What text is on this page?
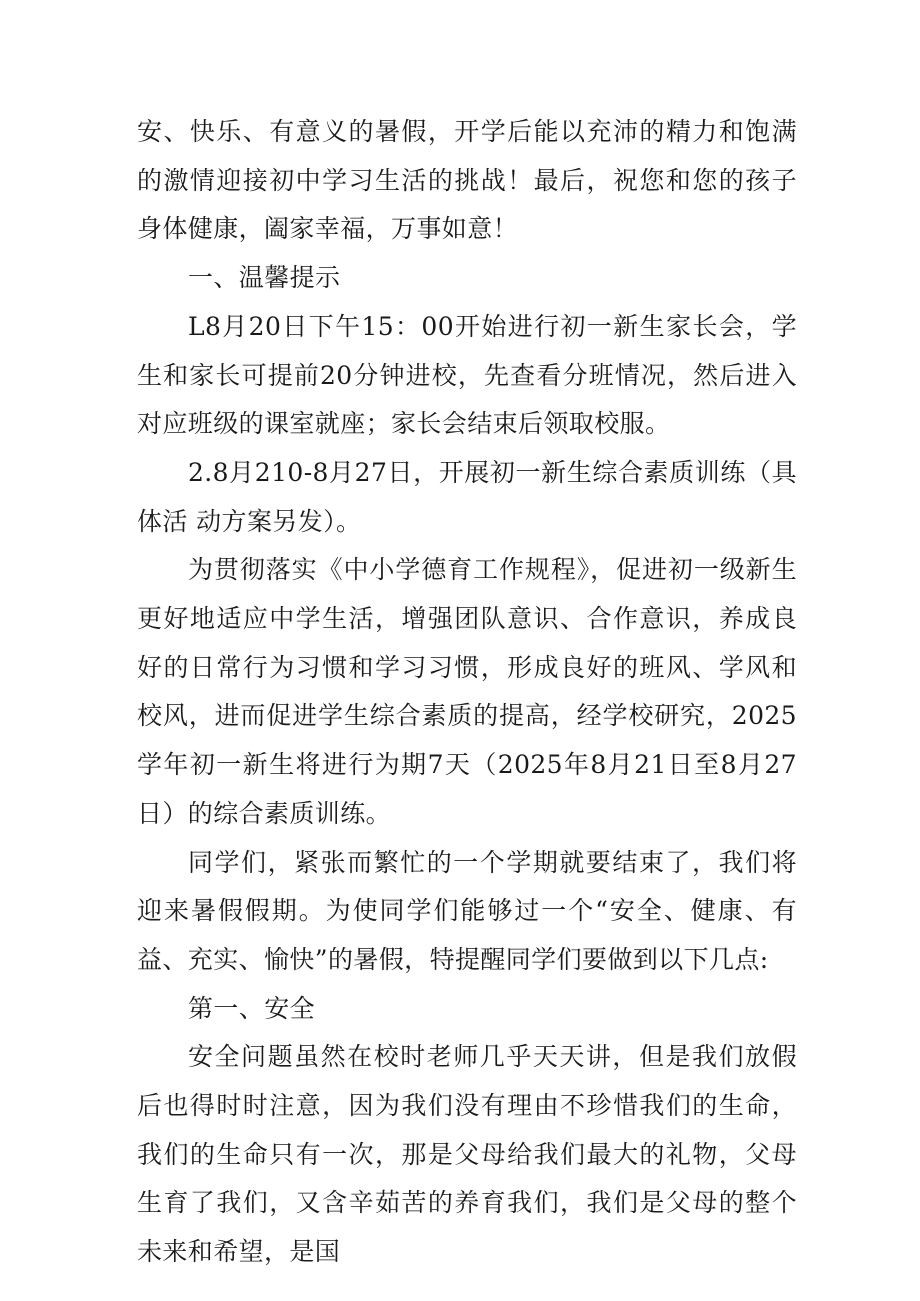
安、快乐、有意义的暑假，开学后能以充沛的精力和饱满的激情迎接初中学习生活的挑战！最后，祝您和您的孩子身体健康，阖家幸福，万事如意！

一、温馨提示

L8月20日下午15：00开始进行初一新生家长会，学生和家长可提前20分钟进校，先查看分班情况，然后进入对应班级的课室就座；家长会结束后领取校服。

2.8月210-8月27日，开展初一新生综合素质训练（具体活 动方案另发）。

为贯彻落实《中小学德育工作规程》，促进初一级新生更好地适应中学生活，增强团队意识、合作意识，养成良好的日常行为习惯和学习习惯，形成良好的班风、学风和校风，进而促进学生综合素质的提高，经学校研究，2025学年初一新生将进行为期7天（2025年8月21日至8月27日）的综合素质训练。

同学们，紧张而繁忙的一个学期就要结束了，我们将迎来暑假假期。为使同学们能够过一个“安全、健康、有益、充实、愉快”的暑假，特提醒同学们要做到以下几点:

第一、安全

安全问题虽然在校时老师几乎天天讲，但是我们放假后也得时时注意，因为我们没有理由不珍惜我们的生命，我们的生命只有一次，那是父母给我们最大的礼物，父母生育了我们，又含辛茹苦的养育我们，我们是父母的整个未来和希望，是国
